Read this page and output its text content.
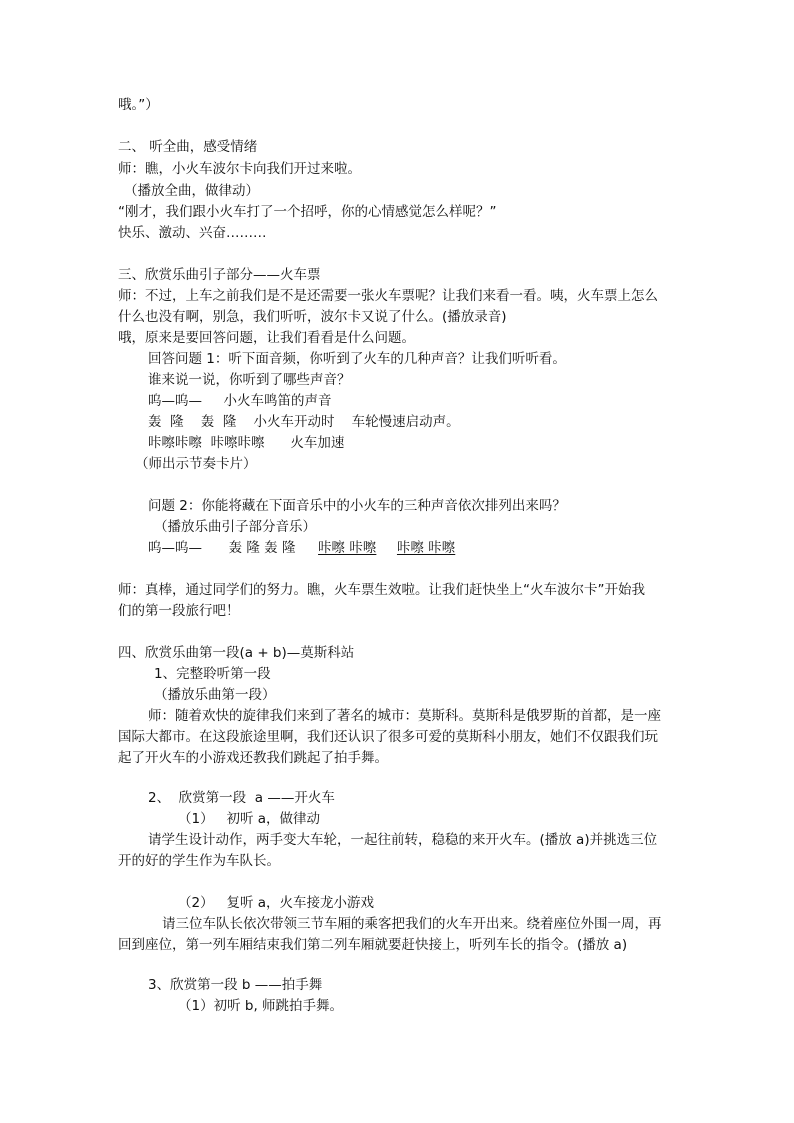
哦。”）
二、 听全曲，感受情绪
师：瞧，小火车波尔卡向我们开过来啦。
（播放全曲，做律动）
“刚才，我们跟小火车打了一个招呼，你的心情感觉怎么样呢？”
快乐、激动、兴奋………
三、欣赏乐曲引子部分——火车票
师：不过，上车之前我们是不是还需要一张火车票呢？让我们来看一看。咦，火车票上怎么
什么也没有啊，别急，我们听听，波尔卡又说了什么。(播放录音)
哦，原来是要回答问题，让我们看看是什么问题。
回答问题 1：听下面音频，你听到了火车的几种声音？让我们听听看。
谁来说一说，你听到了哪些声音？
呜—呜—     小火车鸣笛的声音
轰  隆    轰  隆    小火车开动时    车轮慢速启动声。
咔嚓咔嚓  咔嚓咔嚓      火车加速
（师出示节奏卡片）
问题 2：你能将藏在下面音乐中的小火车的三种声音依次排列出来吗？
（播放乐曲引子部分音乐）
呜—呜— 轰 隆 轰 隆 咔嚓 咔嚓 咔嚓 咔嚓
师：真棒，通过同学们的努力。瞧，火车票生效啦。让我们赶快坐上“火车波尔卡”开始我
们的第一段旅行吧！
四、欣赏乐曲第一段(a + b)—莫斯科站
1、完整聆听第一段
（播放乐曲第一段）
师：随着欢快的旋律我们来到了著名的城市：莫斯科。莫斯科是俄罗斯的首都，是一座
国际大都市。在这段旅途里啊，我们还认识了很多可爱的莫斯科小朋友，她们不仅跟我们玩
起了开火车的小游戏还教我们跳起了拍手舞。
2、  欣赏第一段  a ——开火车
（1）   初听 a，做律动
请学生设计动作，两手变大车轮，一起往前转，稳稳的来开火车。(播放 a)并挑选三位
开的好的学生作为车队长。
（2）   复听 a，火车接龙小游戏
请三位车队长依次带领三节车厢的乘客把我们的火车开出来。绕着座位外围一周，再
回到座位，第一列车厢结束我们第二列车厢就要赶快接上，听列车长的指令。(播放 a)
3、欣赏第一段 b ——拍手舞
（1）初听 b, 师跳拍手舞。
